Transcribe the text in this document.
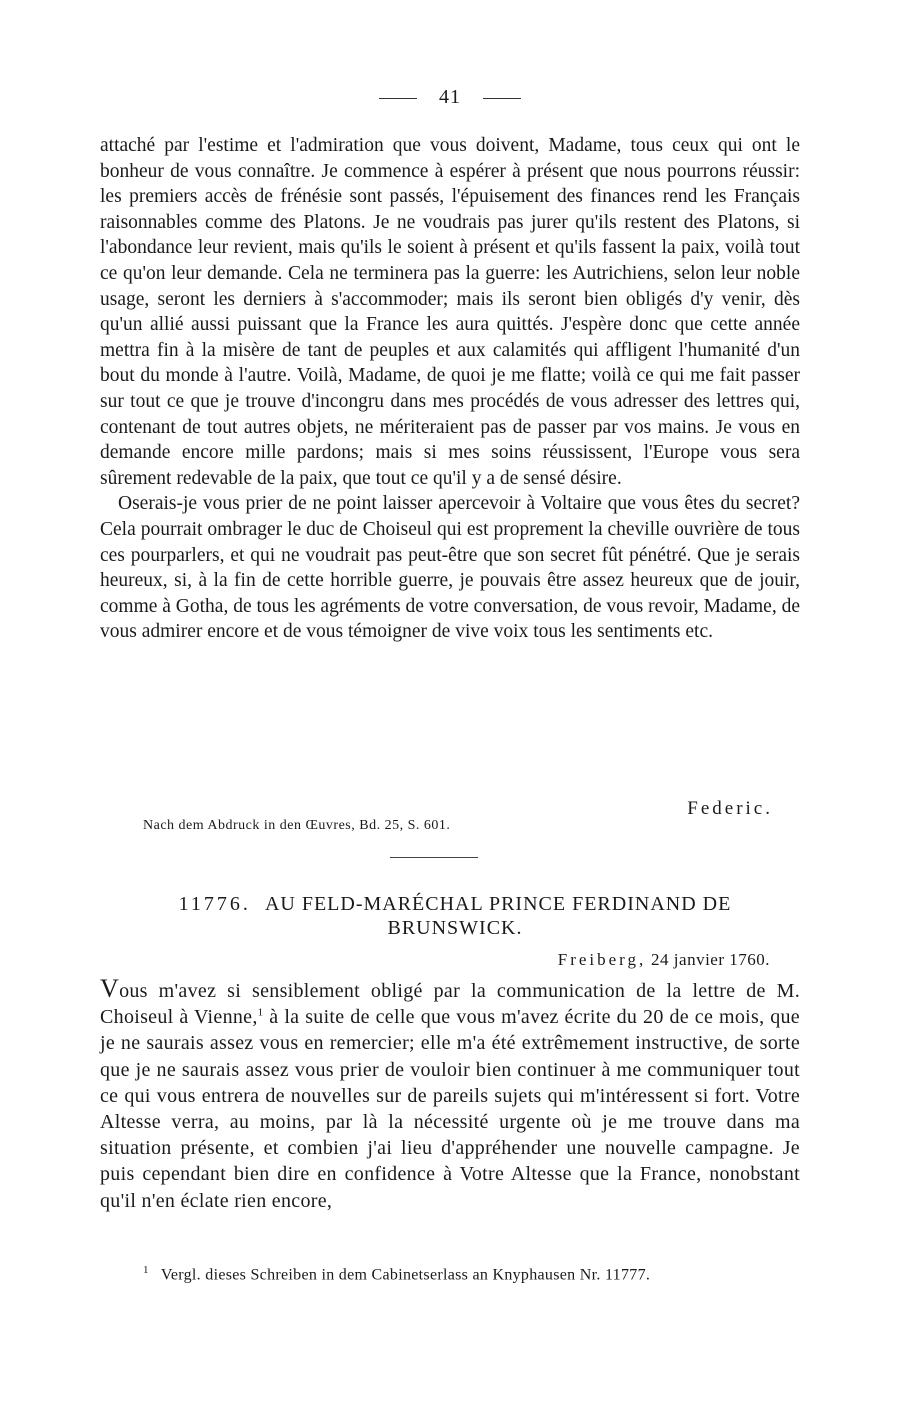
41

attaché par l'estime et l'admiration que vous doivent, Madame, tous ceux qui ont le bonheur de vous connaître. Je commence à espérer à présent que nous pourrons réussir: les premiers accès de frénésie sont passés, l'épuisement des finances rend les Français raisonnables comme des Platons. Je ne voudrais pas jurer qu'ils restent des Platons, si l'abondance leur revient, mais qu'ils le soient à présent et qu'ils fassent la paix, voilà tout ce qu'on leur demande. Cela ne terminera pas la guerre: les Autrichiens, selon leur noble usage, seront les derniers à s'accommoder; mais ils seront bien obligés d'y venir, dès qu'un allié aussi puissant que la France les aura quittés. J'espère donc que cette année mettra fin à la misère de tant de peuples et aux calamités qui affligent l'humanité d'un bout du monde à l'autre. Voilà, Madame, de quoi je me flatte; voilà ce qui me fait passer sur tout ce que je trouve d'incongru dans mes procédés de vous adresser des lettres qui, contenant de tout autres objets, ne mériteraient pas de passer par vos mains. Je vous en demande encore mille pardons; mais si mes soins réussissent, l'Europe vous sera sûrement redevable de la paix, que tout ce qu'il y a de sensé désire.

Oserais-je vous prier de ne point laisser apercevoir à Voltaire que vous êtes du secret? Cela pourrait ombrager le duc de Choiseul qui est proprement la cheville ouvrière de tous ces pourparlers, et qui ne voudrait pas peut-être que son secret fût pénétré. Que je serais heureux, si, à la fin de cette horrible guerre, je pouvais être assez heureux que de jouir, comme à Gotha, de tous les agréments de votre conversation, de vous revoir, Madame, de vous admirer encore et de vous témoigner de vive voix tous les sentiments etc.

Federic.
Nach dem Abdruck in den Œuvres, Bd. 25, S. 601.
11776. AU FELD-MARÉCHAL PRINCE FERDINAND DE BRUNSWICK.
Freiberg, 24 janvier 1760.

Vous m'avez si sensiblement obligé par la communication de la lettre de M. Choiseul à Vienne,$^1$ à la suite de celle que vous m'avez écrite du 20 de ce mois, que je ne saurais assez vous en remercier; elle m'a été extrêmement instructive, de sorte que je ne saurais assez vous prier de vouloir bien continuer à me communiquer tout ce qui vous entrera de nouvelles sur de pareils sujets qui m'intéressent si fort. Votre Altesse verra, au moins, par là la nécessité urgente où je me trouve dans ma situation présente, et combien j'ai lieu d'appréhender une nouvelle campagne. Je puis cependant bien dire en confidence à Votre Altesse que la France, nonobstant qu'il n'en éclate rien encore,

$^1$ Vergl. dieses Schreiben in dem Cabinetserlass an Knyphausen Nr. 11777.
